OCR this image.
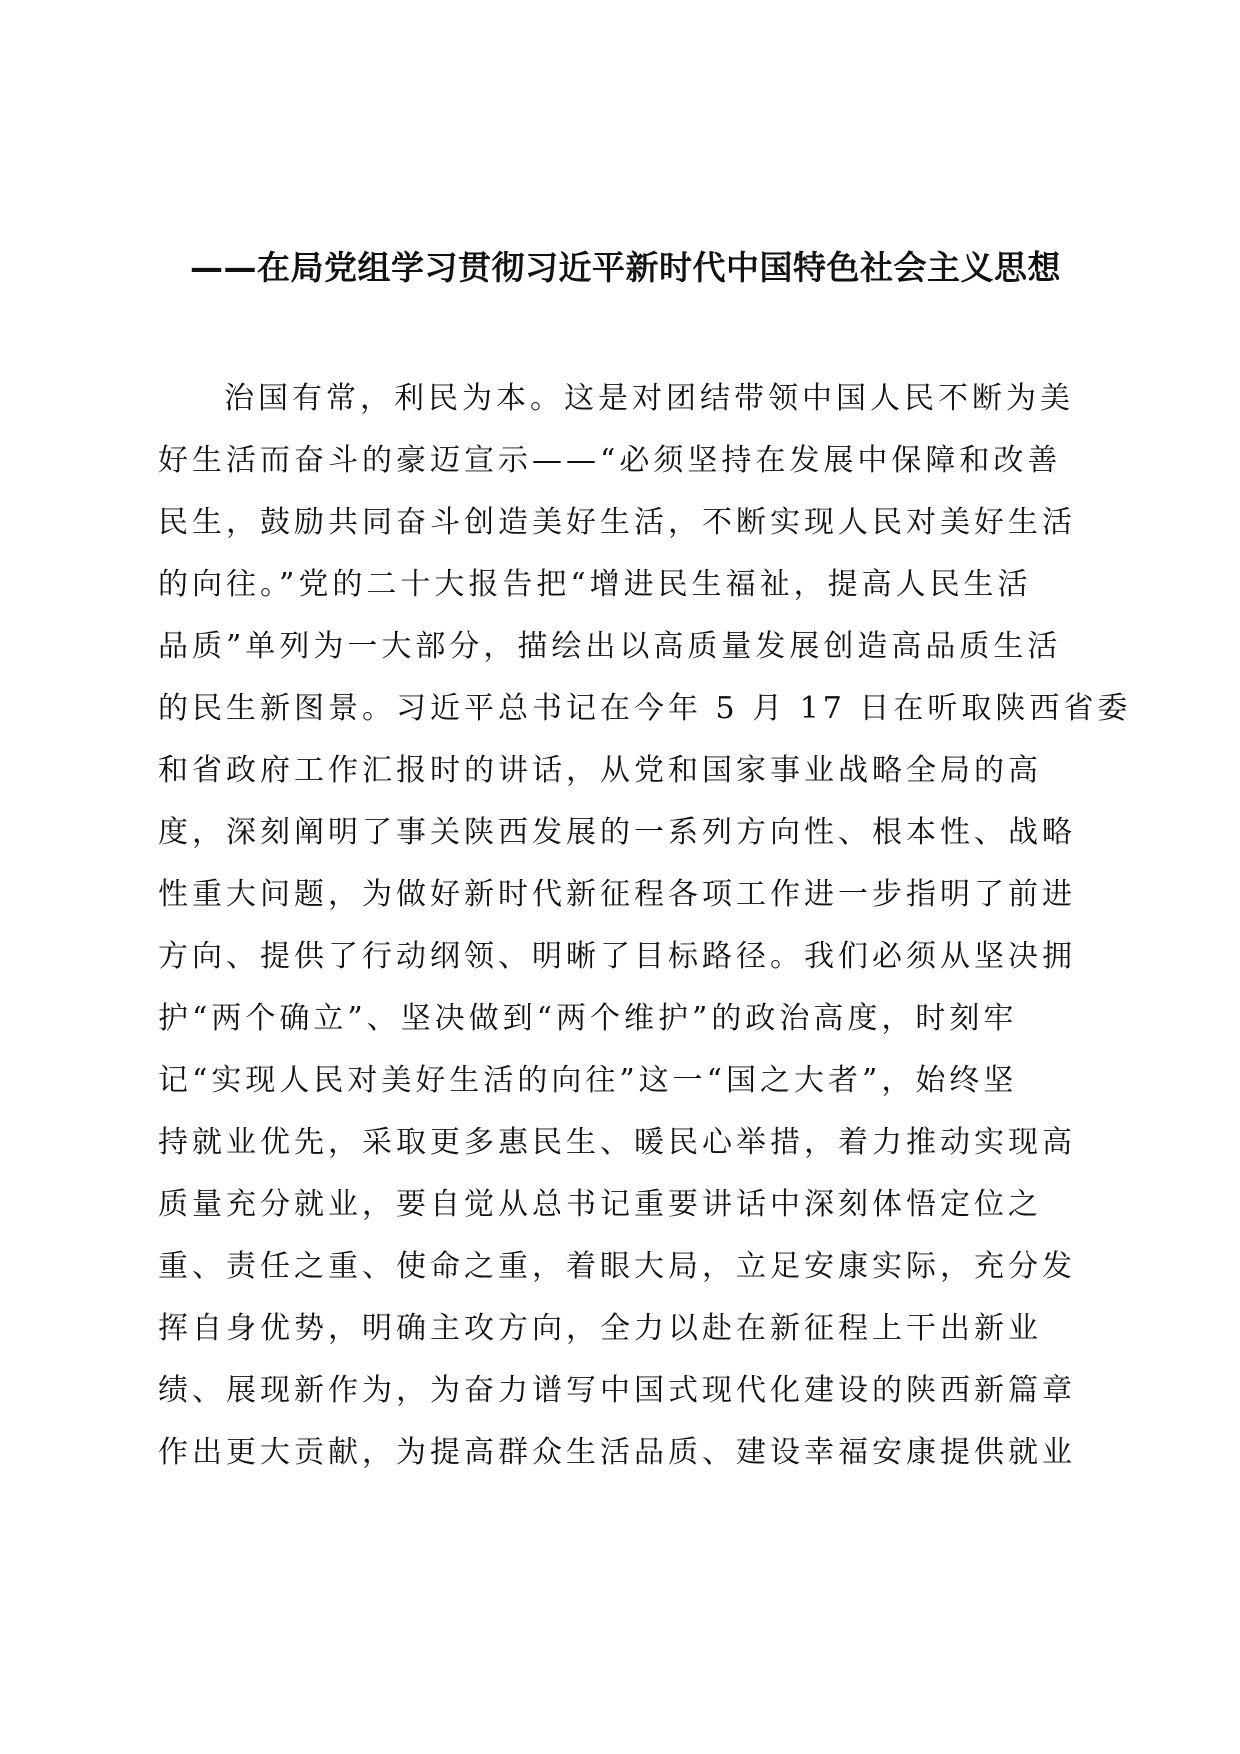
——在局党组学习贯彻习近平新时代中国特色社会主义思想
治国有常，利民为本。这是对团结带领中国人民不断为美
好生活而奋斗的豪迈宣示——“必须坚持在发展中保障和改善
民生，鼓励共同奋斗创造美好生活，不断实现人民对美好生活
的向往。”党的二十大报告把“增进民生福祉，提高人民生活
品质”单列为一大部分，描绘出以高质量发展创造高品质生活
的民生新图景。习近平总书记在今年 5 月 17 日在听取陕西省委
和省政府工作汇报时的讲话，从党和国家事业战略全局的高
度，深刻阐明了事关陕西发展的一系列方向性、根本性、战略
性重大问题，为做好新时代新征程各项工作进一步指明了前进
方向、提供了行动纲领、明晰了目标路径。我们必须从坚决拥
护“两个确立”、坚决做到“两个维护”的政治高度，时刻牢
记“实现人民对美好生活的向往”这一“国之大者”，始终坚
持就业优先，采取更多惠民生、暖民心举措，着力推动实现高
质量充分就业，要自觉从总书记重要讲话中深刻体悟定位之
重、责任之重、使命之重，着眼大局，立足安康实际，充分发
挥自身优势，明确主攻方向，全力以赴在新征程上干出新业
绩、展现新作为，为奋力谱写中国式现代化建设的陕西新篇章
作出更大贡献，为提高群众生活品质、建设幸福安康提供就业
